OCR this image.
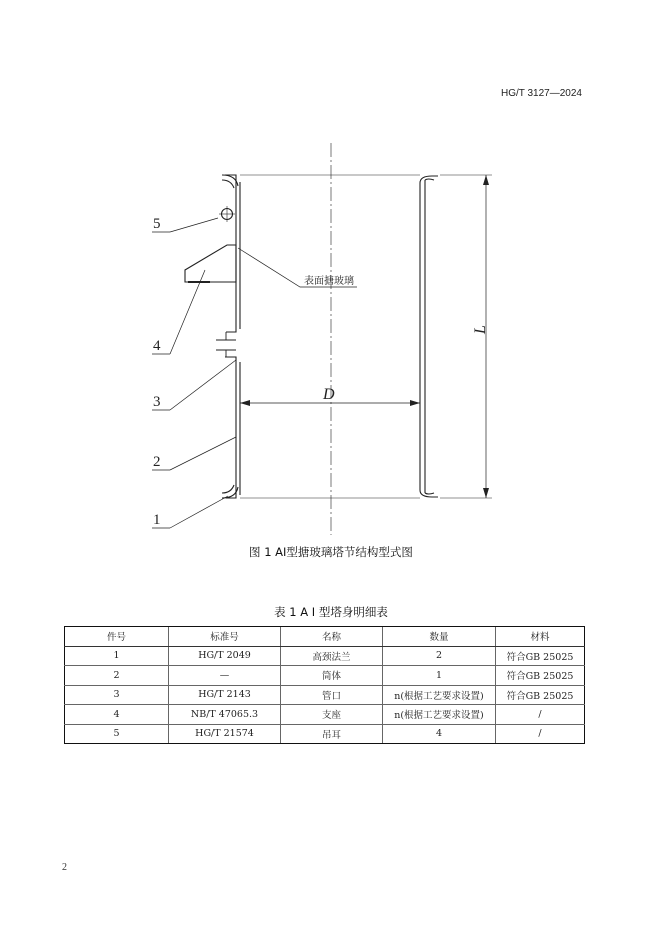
HG/T 3127—2024
5
4
3
2
1
表面搪玻璃
D
L
图 1 AI型搪玻璃塔节结构型式图
表 1 A Ⅰ 型塔身明细表
件号	标准号	名称	数量	材料
1	HG/T 2049	高颈法兰	2	符合GB 25025
2	—	筒体	1	符合GB 25025
3	HG/T 2143	管口	n(根据工艺要求设置)	符合GB 25025
4	NB/T 47065.3	支座	n(根据工艺要求设置)	/
5	HG/T 21574	吊耳	4	/
2
